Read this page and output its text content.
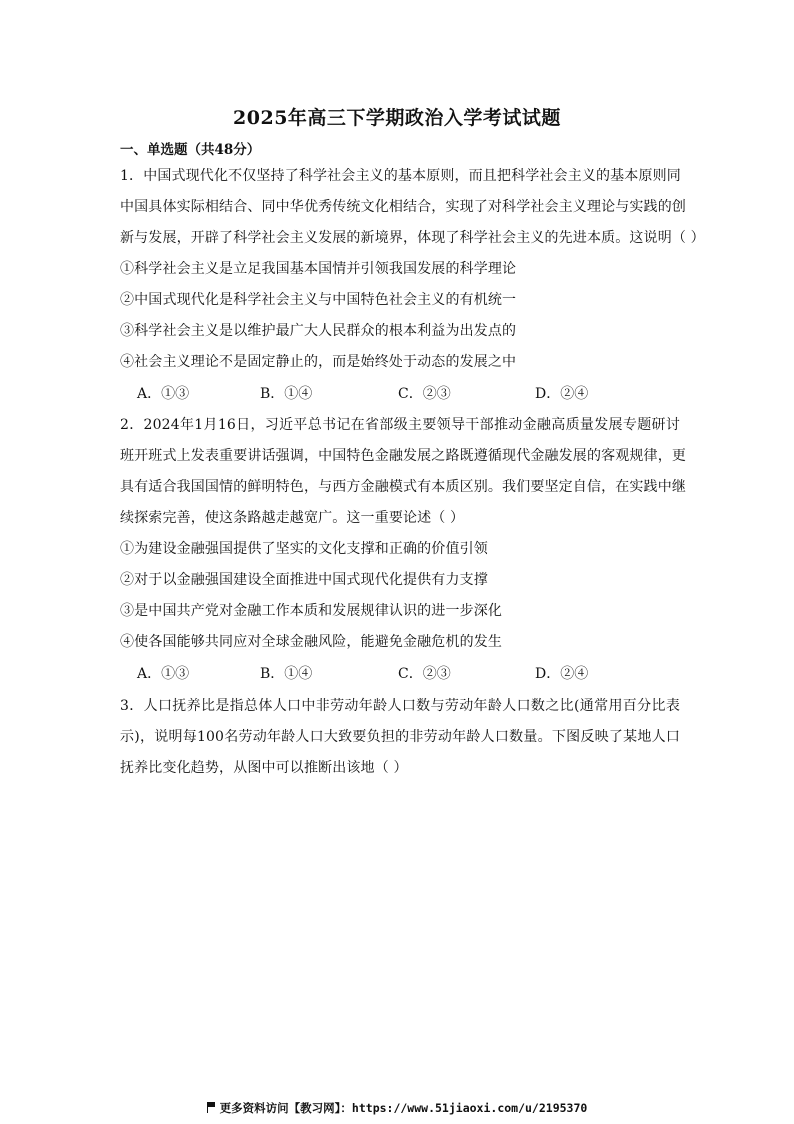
2025年高三下学期政治入学考试试题
一、单选题（共48分）
1．中国式现代化不仅坚持了科学社会主义的基本原则，而且把科学社会主义的基本原则同
中国具体实际相结合、同中华优秀传统文化相结合，实现了对科学社会主义理论与实践的创
新与发展，开辟了科学社会主义发展的新境界，体现了科学社会主义的先进本质。这说明（ ）
①科学社会主义是立足我国基本国情并引领我国发展的科学理论
②中国式现代化是科学社会主义与中国特色社会主义的有机统一
③科学社会主义是以维护最广大人民群众的根本利益为出发点的
④社会主义理论不是固定静止的，而是始终处于动态的发展之中
A．①③	B．①④	C．②③	D．②④
2．2024年1月16日，习近平总书记在省部级主要领导干部推动金融高质量发展专题研讨
班开班式上发表重要讲话强调，中国特色金融发展之路既遵循现代金融发展的客观规律，更
具有适合我国国情的鲜明特色，与西方金融模式有本质区别。我们要坚定自信，在实践中继
续探索完善，使这条路越走越宽广。这一重要论述（ ）
①为建设金融强国提供了坚实的文化支撑和正确的价值引领
②对于以金融强国建设全面推进中国式现代化提供有力支撑
③是中国共产党对金融工作本质和发展规律认识的进一步深化
④使各国能够共同应对全球金融风险，能避免金融危机的发生
A．①③	B．①④	C．②③	D．②④
3．人口抚养比是指总体人口中非劳动年龄人口数与劳动年龄人口数之比(通常用百分比表
示)，说明每100名劳动年龄人口大致要负担的非劳动年龄人口数量。下图反映了某地人口
抚养比变化趋势，从图中可以推断出该地（ ）
更多资料访问【教习网】：https://www.51jiaoxi.com/u/2195370
